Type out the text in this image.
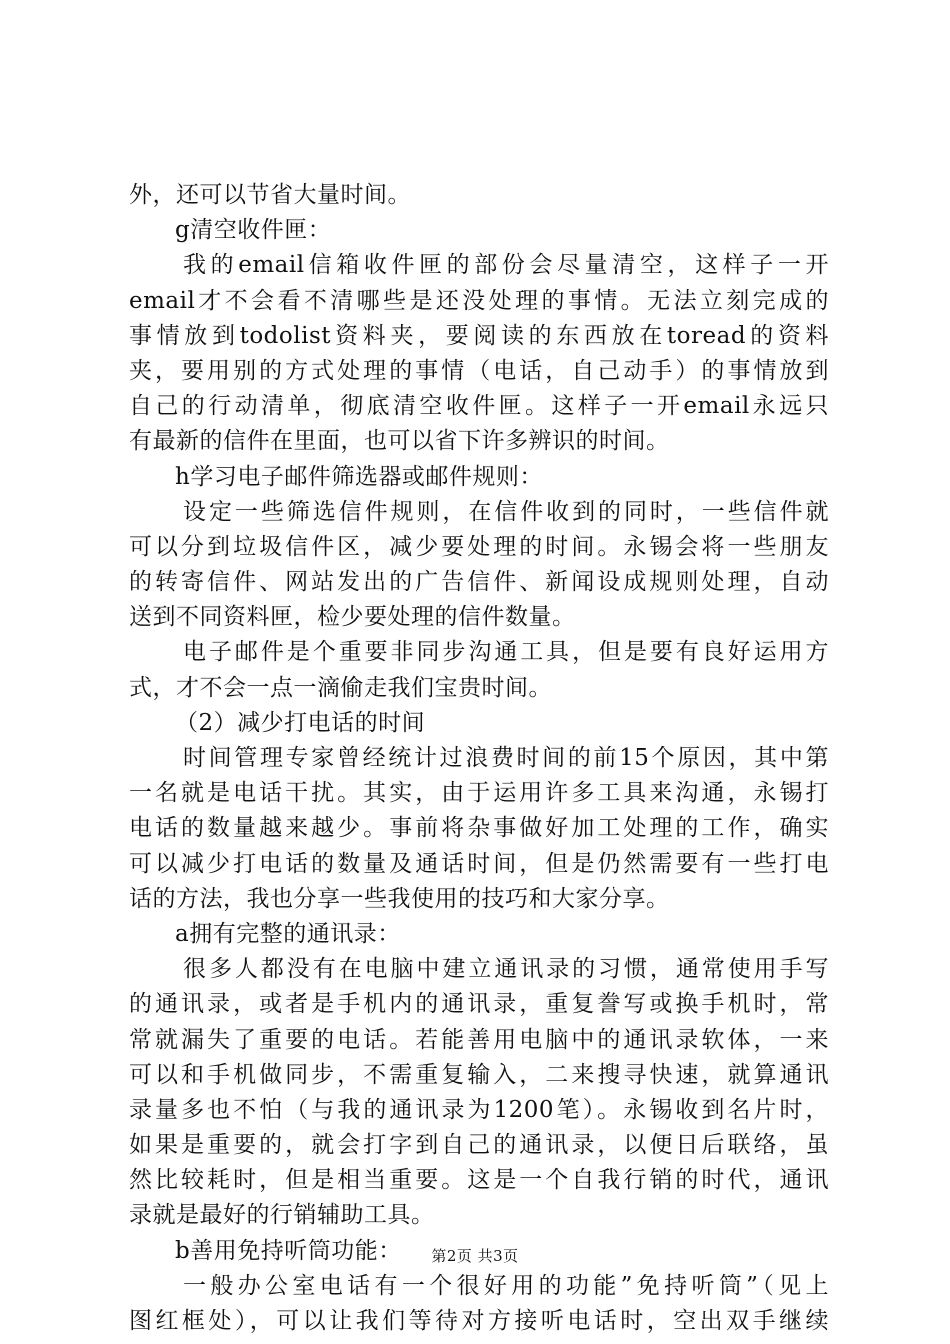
外，还可以节省大量时间。
g清空收件匣：
我的email信箱收件匣的部份会尽量清空，这样子一开
email才不会看不清哪些是还没处理的事情。无法立刻完成的
事情放到todolist资料夹，要阅读的东西放在toread的资料
夹，要用别的方式处理的事情（电话，自己动手）的事情放到
自己的行动清单，彻底清空收件匣。这样子一开email永远只
有最新的信件在里面，也可以省下许多辨识的时间。
h学习电子邮件筛选器或邮件规则：
设定一些筛选信件规则，在信件收到的同时，一些信件就
可以分到垃圾信件区，减少要处理的时间。永锡会将一些朋友
的转寄信件、网站发出的广告信件、新闻设成规则处理，自动
送到不同资料匣，检少要处理的信件数量。
电子邮件是个重要非同步沟通工具，但是要有良好运用方
式，才不会一点一滴偷走我们宝贵时间。
（2）减少打电话的时间
时间管理专家曾经统计过浪费时间的前15个原因，其中第
一名就是电话干扰。其实，由于运用许多工具来沟通，永锡打
电话的数量越来越少。事前将杂事做好加工处理的工作，确实
可以减少打电话的数量及通话时间，但是仍然需要有一些打电
话的方法，我也分享一些我使用的技巧和大家分享。
a拥有完整的通讯录：
很多人都没有在电脑中建立通讯录的习惯，通常使用手写
的通讯录，或者是手机内的通讯录，重复誊写或换手机时，常
常就漏失了重要的电话。若能善用电脑中的通讯录软体，一来
可以和手机做同步，不需重复输入，二来搜寻快速，就算通讯
录量多也不怕（与我的通讯录为1200笔）。永锡收到名片时，
如果是重要的，就会打字到自己的通讯录，以便日后联络，虽
然比较耗时，但是相当重要。这是一个自我行销的时代，通讯
录就是最好的行销辅助工具。
b善用免持听筒功能：
一般办公室电话有一个很好用的功能”免持听筒”（见上
图红框处），可以让我们等待对方接听电话时，空出双手继续
第2页 共3页
